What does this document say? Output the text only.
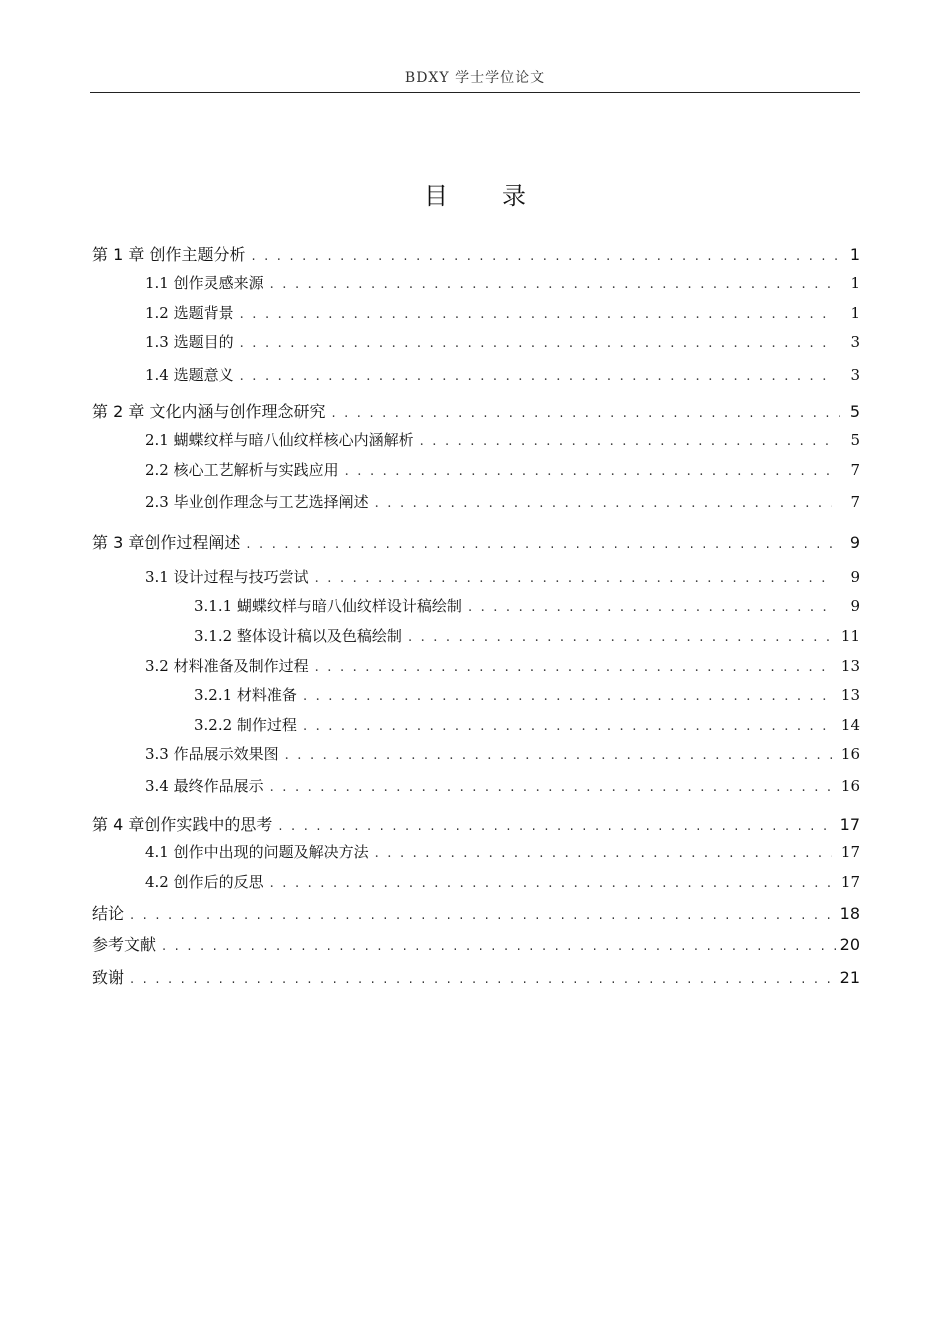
BDXY 学士学位论文
目 录
第 1 章 创作主题分析 . . .	1
1.1 创作灵感来源 . . .	1
1.2 选题背景 . . .	1
1.3 选题目的 . . .	3
1.4 选题意义 . . .	3
第 2 章 文化内涵与创作理念研究 . . .	5
2.1 蝴蝶纹样与暗八仙纹样核心内涵解析 . . .	5
2.2 核心工艺解析与实践应用 . . .	7
2.3 毕业创作理念与工艺选择阐述 . . .	7
第 3 章创作过程阐述 . . .	9
3.1 设计过程与技巧尝试 . . .	9
3.1.1 蝴蝶纹样与暗八仙纹样设计稿绘制 . . .	9
3.1.2 整体设计稿以及色稿绘制 . . .	11
3.2 材料准备及制作过程 . . .	13
3.2.1 材料准备 . . .	13
3.2.2 制作过程 . . .	14
3.3 作品展示效果图 . . .	16
3.4 最终作品展示 . . .	16
第 4 章创作实践中的思考 . . .	17
4.1 创作中出现的问题及解决方法 . . .	17
4.2 创作后的反思 . . .	17
结论 . . .	18
参考文献 . . .	20
致谢 . . .	21
